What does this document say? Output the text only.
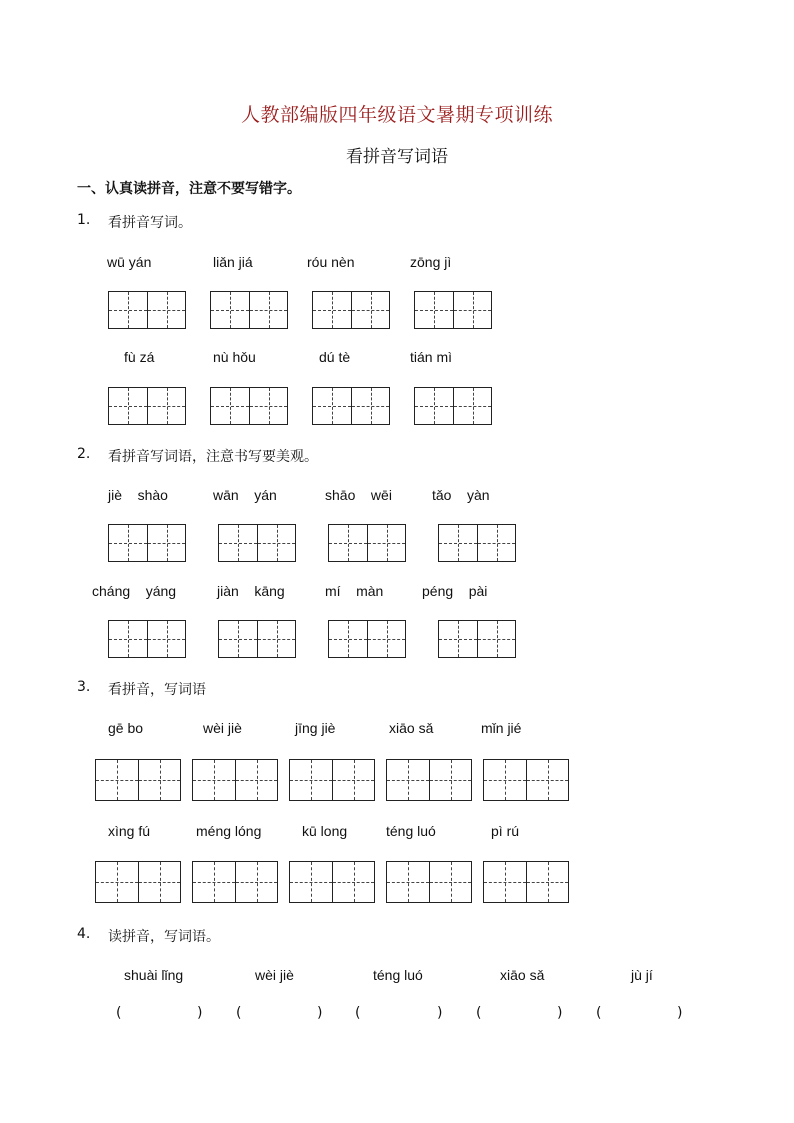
人教部编版四年级语文暑期专项训练
看拼音写词语
一、认真读拼音，注意不要写错字。
1. 看拼音写词。
wū yán	liǎn jiá	róu nèn	zōng jì
fù zá	nù hǒu	dú tè	tián mì
2. 看拼音写词语，注意书写要美观。
jiè    shào	wān    yán	shāo    wēi	tǎo    yàn
cháng    yáng	jiàn    kāng	mí    màn	péng    pài
3. 看拼音，写词语
gē bo	wèi jiè	jīng jiè	xiāo sǎ	mǐn jié
xìng fú	méng lóng	kū long	téng luó	pì rú
4. 读拼音，写词语。
shuài lǐng	wèi jiè	téng luó	xiāo sǎ	jù jí
(	) (	) (	) (	) (	)
